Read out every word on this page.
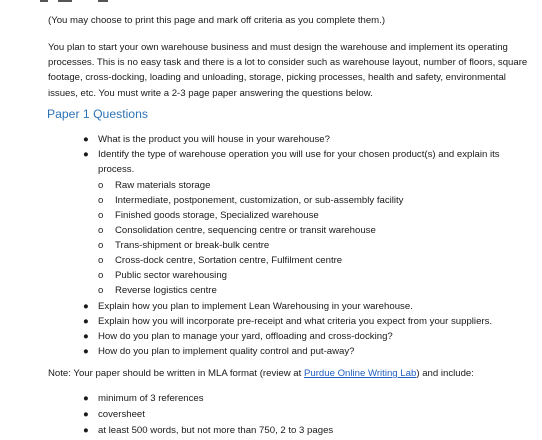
(You may choose to print this page and mark off criteria as you complete them.)
You plan to start your own warehouse business and must design the warehouse and implement its operating processes. This is no easy task and there is a lot to consider such as warehouse layout, number of floors, square footage, cross-docking, loading and unloading, storage, picking processes, health and safety, environmental issues, etc. You must write a 2-3 page paper answering the questions below.
Paper 1 Questions
● What is the product you will house in your warehouse?
● Identify the type of warehouse operation you will use for your chosen product(s) and explain its process.
o Raw materials storage
o Intermediate, postponement, customization, or sub-assembly facility
o Finished goods storage, Specialized warehouse
o Consolidation centre, sequencing centre or transit warehouse
o Trans-shipment or break-bulk centre
o Cross-dock centre, Sortation centre, Fulfilment centre
o Public sector warehousing
o Reverse logistics centre
● Explain how you plan to implement Lean Warehousing in your warehouse.
● Explain how you will incorporate pre-receipt and what criteria you expect from your suppliers.
● How do you plan to manage your yard, offloading and cross-docking?
● How do you plan to implement quality control and put-away?
Note: Your paper should be written in MLA format (review at Purdue Online Writing Lab) and include:
● minimum of 3 references
● coversheet
● at least 500 words, but not more than 750, 2 to 3 pages
